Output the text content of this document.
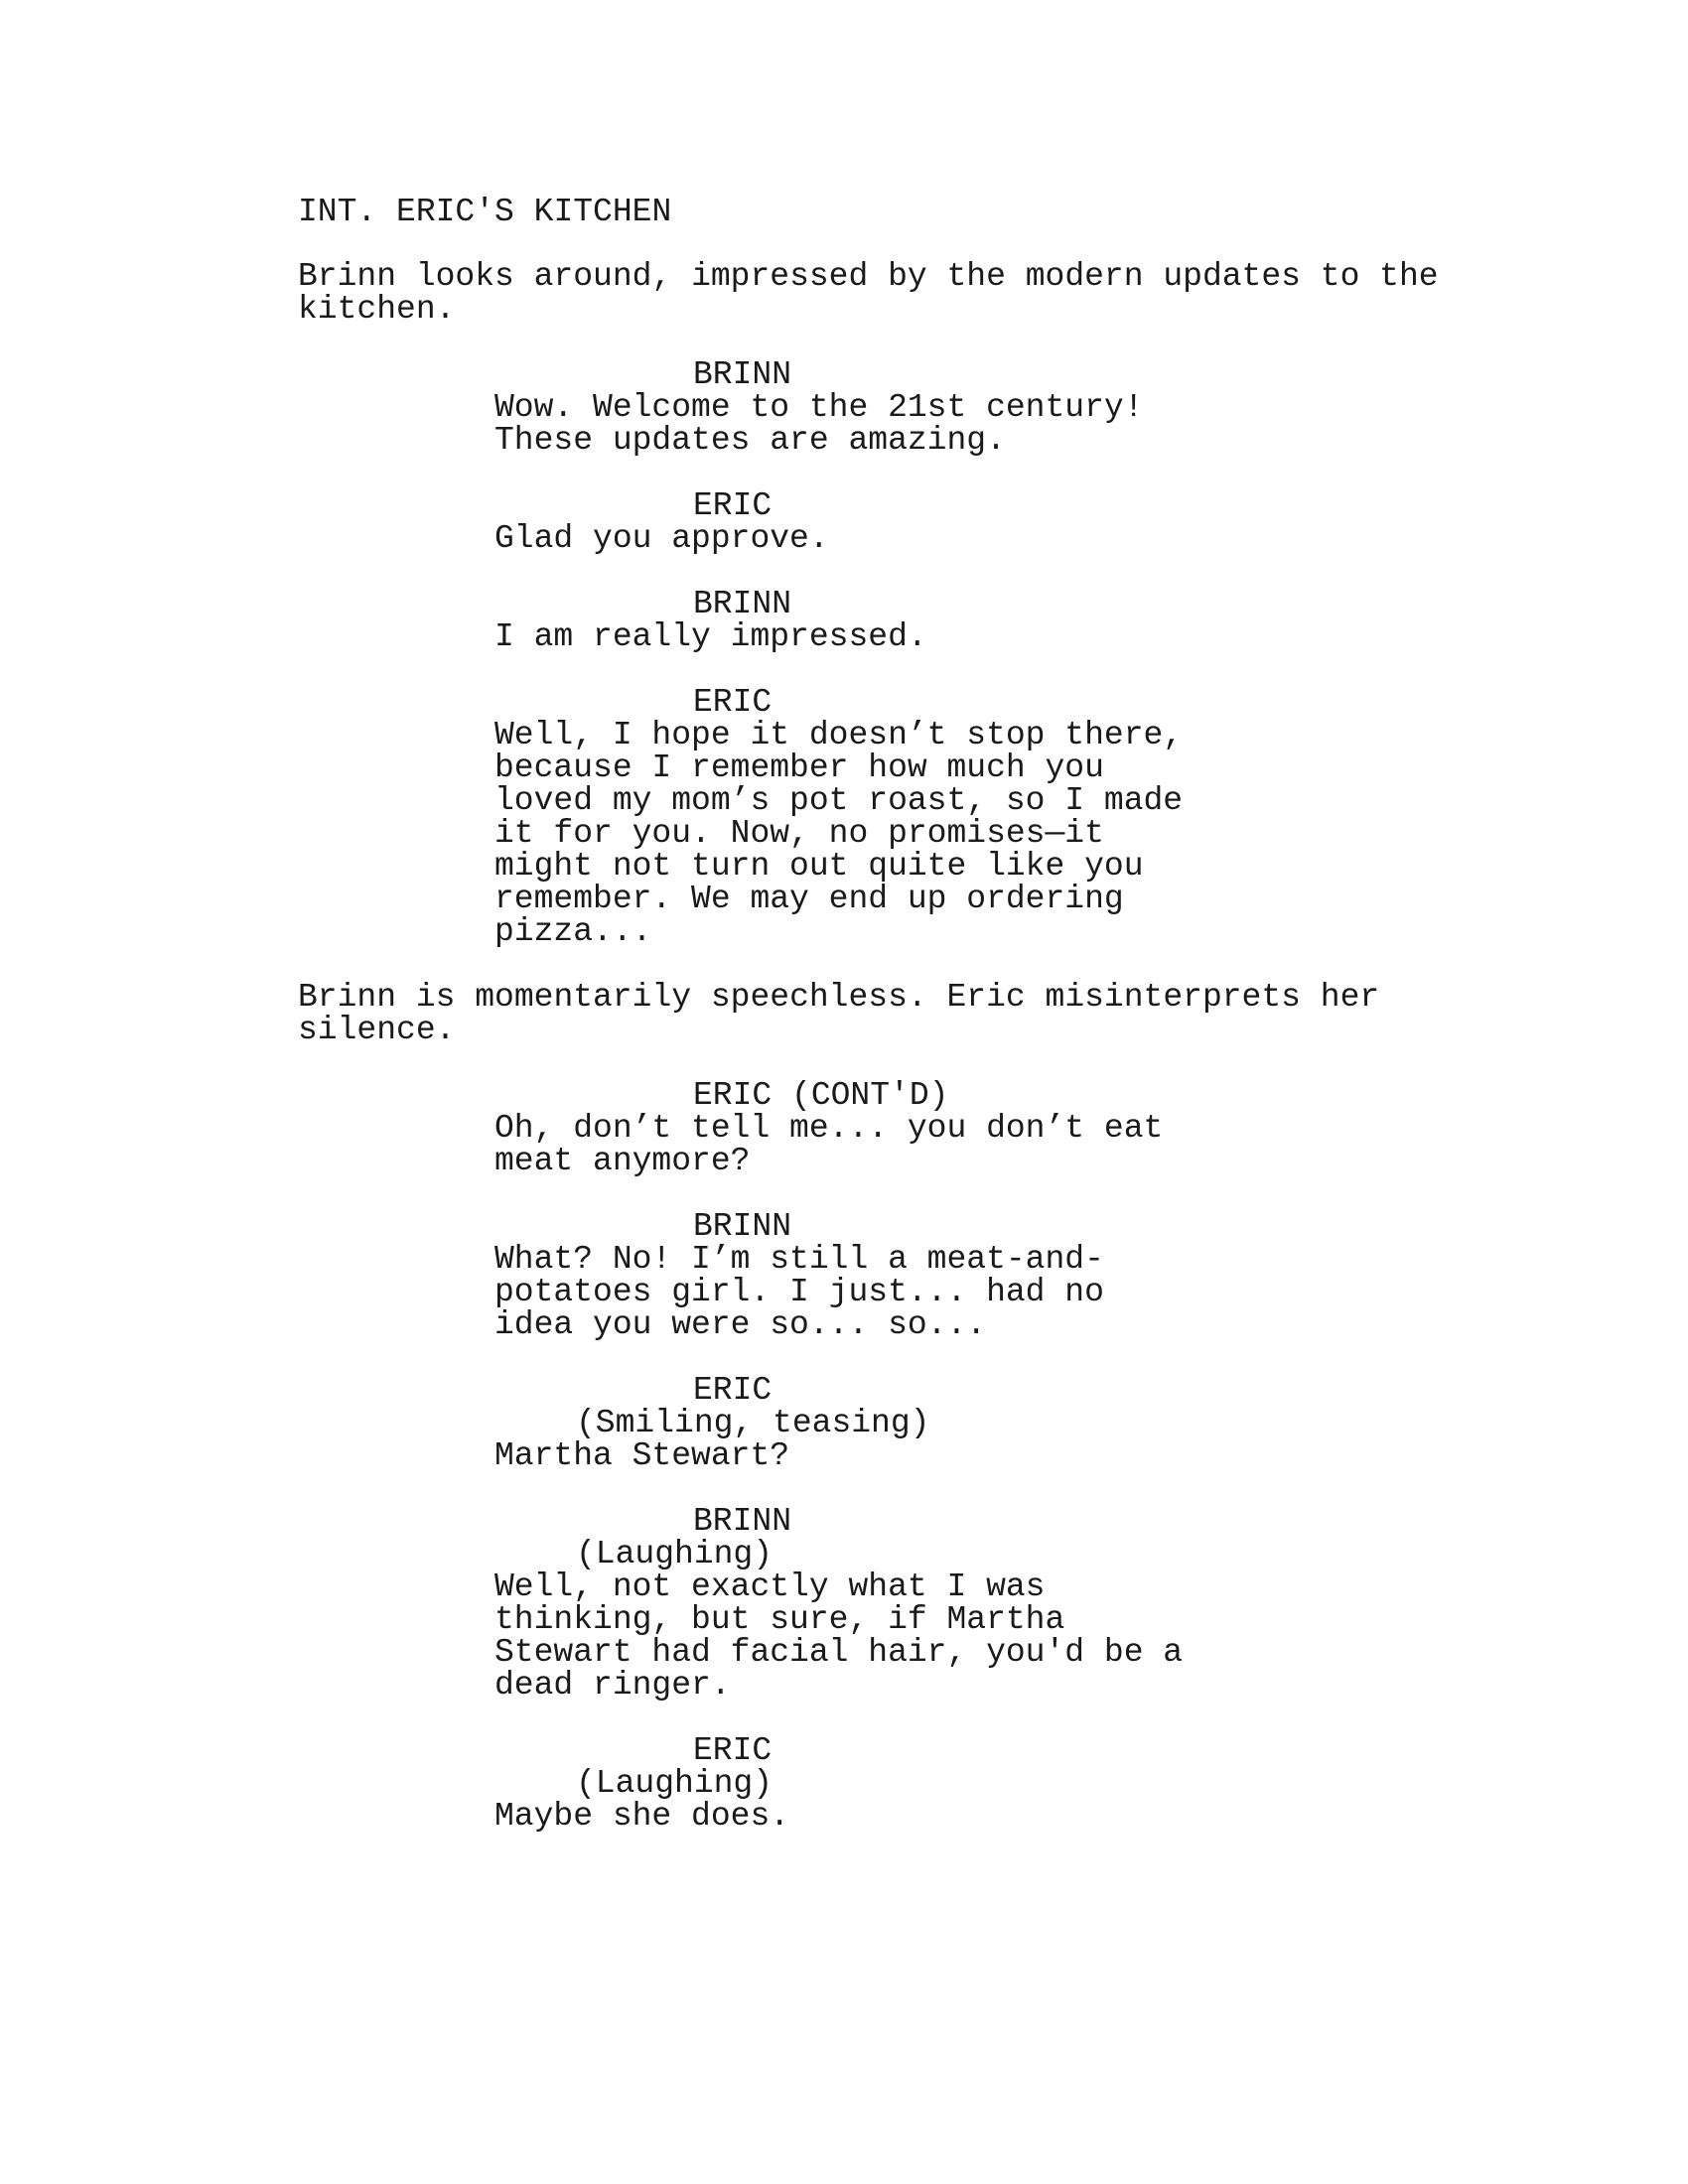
INT. ERIC'S KITCHEN
Brinn looks around, impressed by the modern updates to the
kitchen.
BRINN
Wow. Welcome to the 21st century!
These updates are amazing.
ERIC
Glad you approve.
BRINN
I am really impressed.
ERIC
Well, I hope it doesn’t stop there,
because I remember how much you
loved my mom’s pot roast, so I made
it for you. Now, no promises—it
might not turn out quite like you
remember. We may end up ordering
pizza...
Brinn is momentarily speechless. Eric misinterprets her
silence.
ERIC (CONT'D)
Oh, don’t tell me... you don’t eat
meat anymore?
BRINN
What? No! I’m still a meat-and-
potatoes girl. I just... had no
idea you were so... so...
ERIC
(Smiling, teasing)
Martha Stewart?
BRINN
(Laughing)
Well, not exactly what I was
thinking, but sure, if Martha
Stewart had facial hair, you'd be a
dead ringer.
ERIC
(Laughing)
Maybe she does.
